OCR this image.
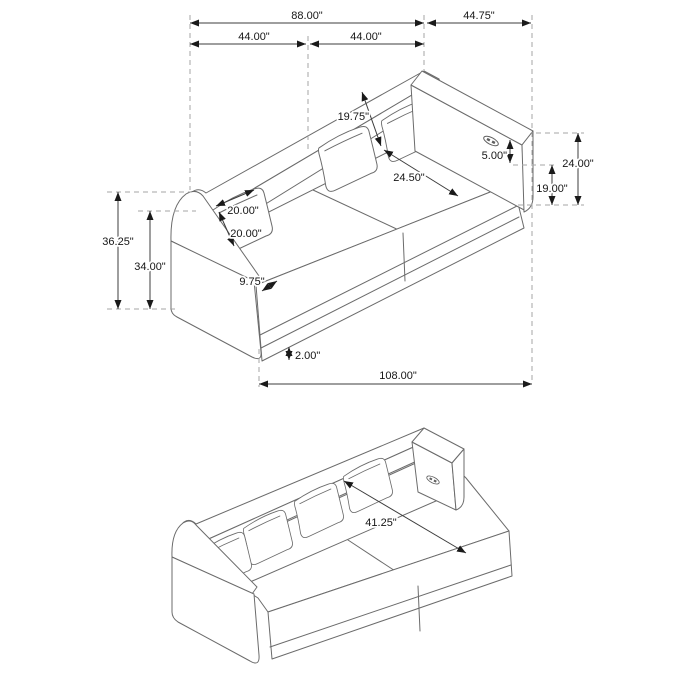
88.00"	44.75"
44.00"	44.00"
19.75"
24.50"
5.00"
24.00"
19.00"
20.00"
20.00"
9.75"
36.25"
34.00"
2.00"
108.00"
41.25"
